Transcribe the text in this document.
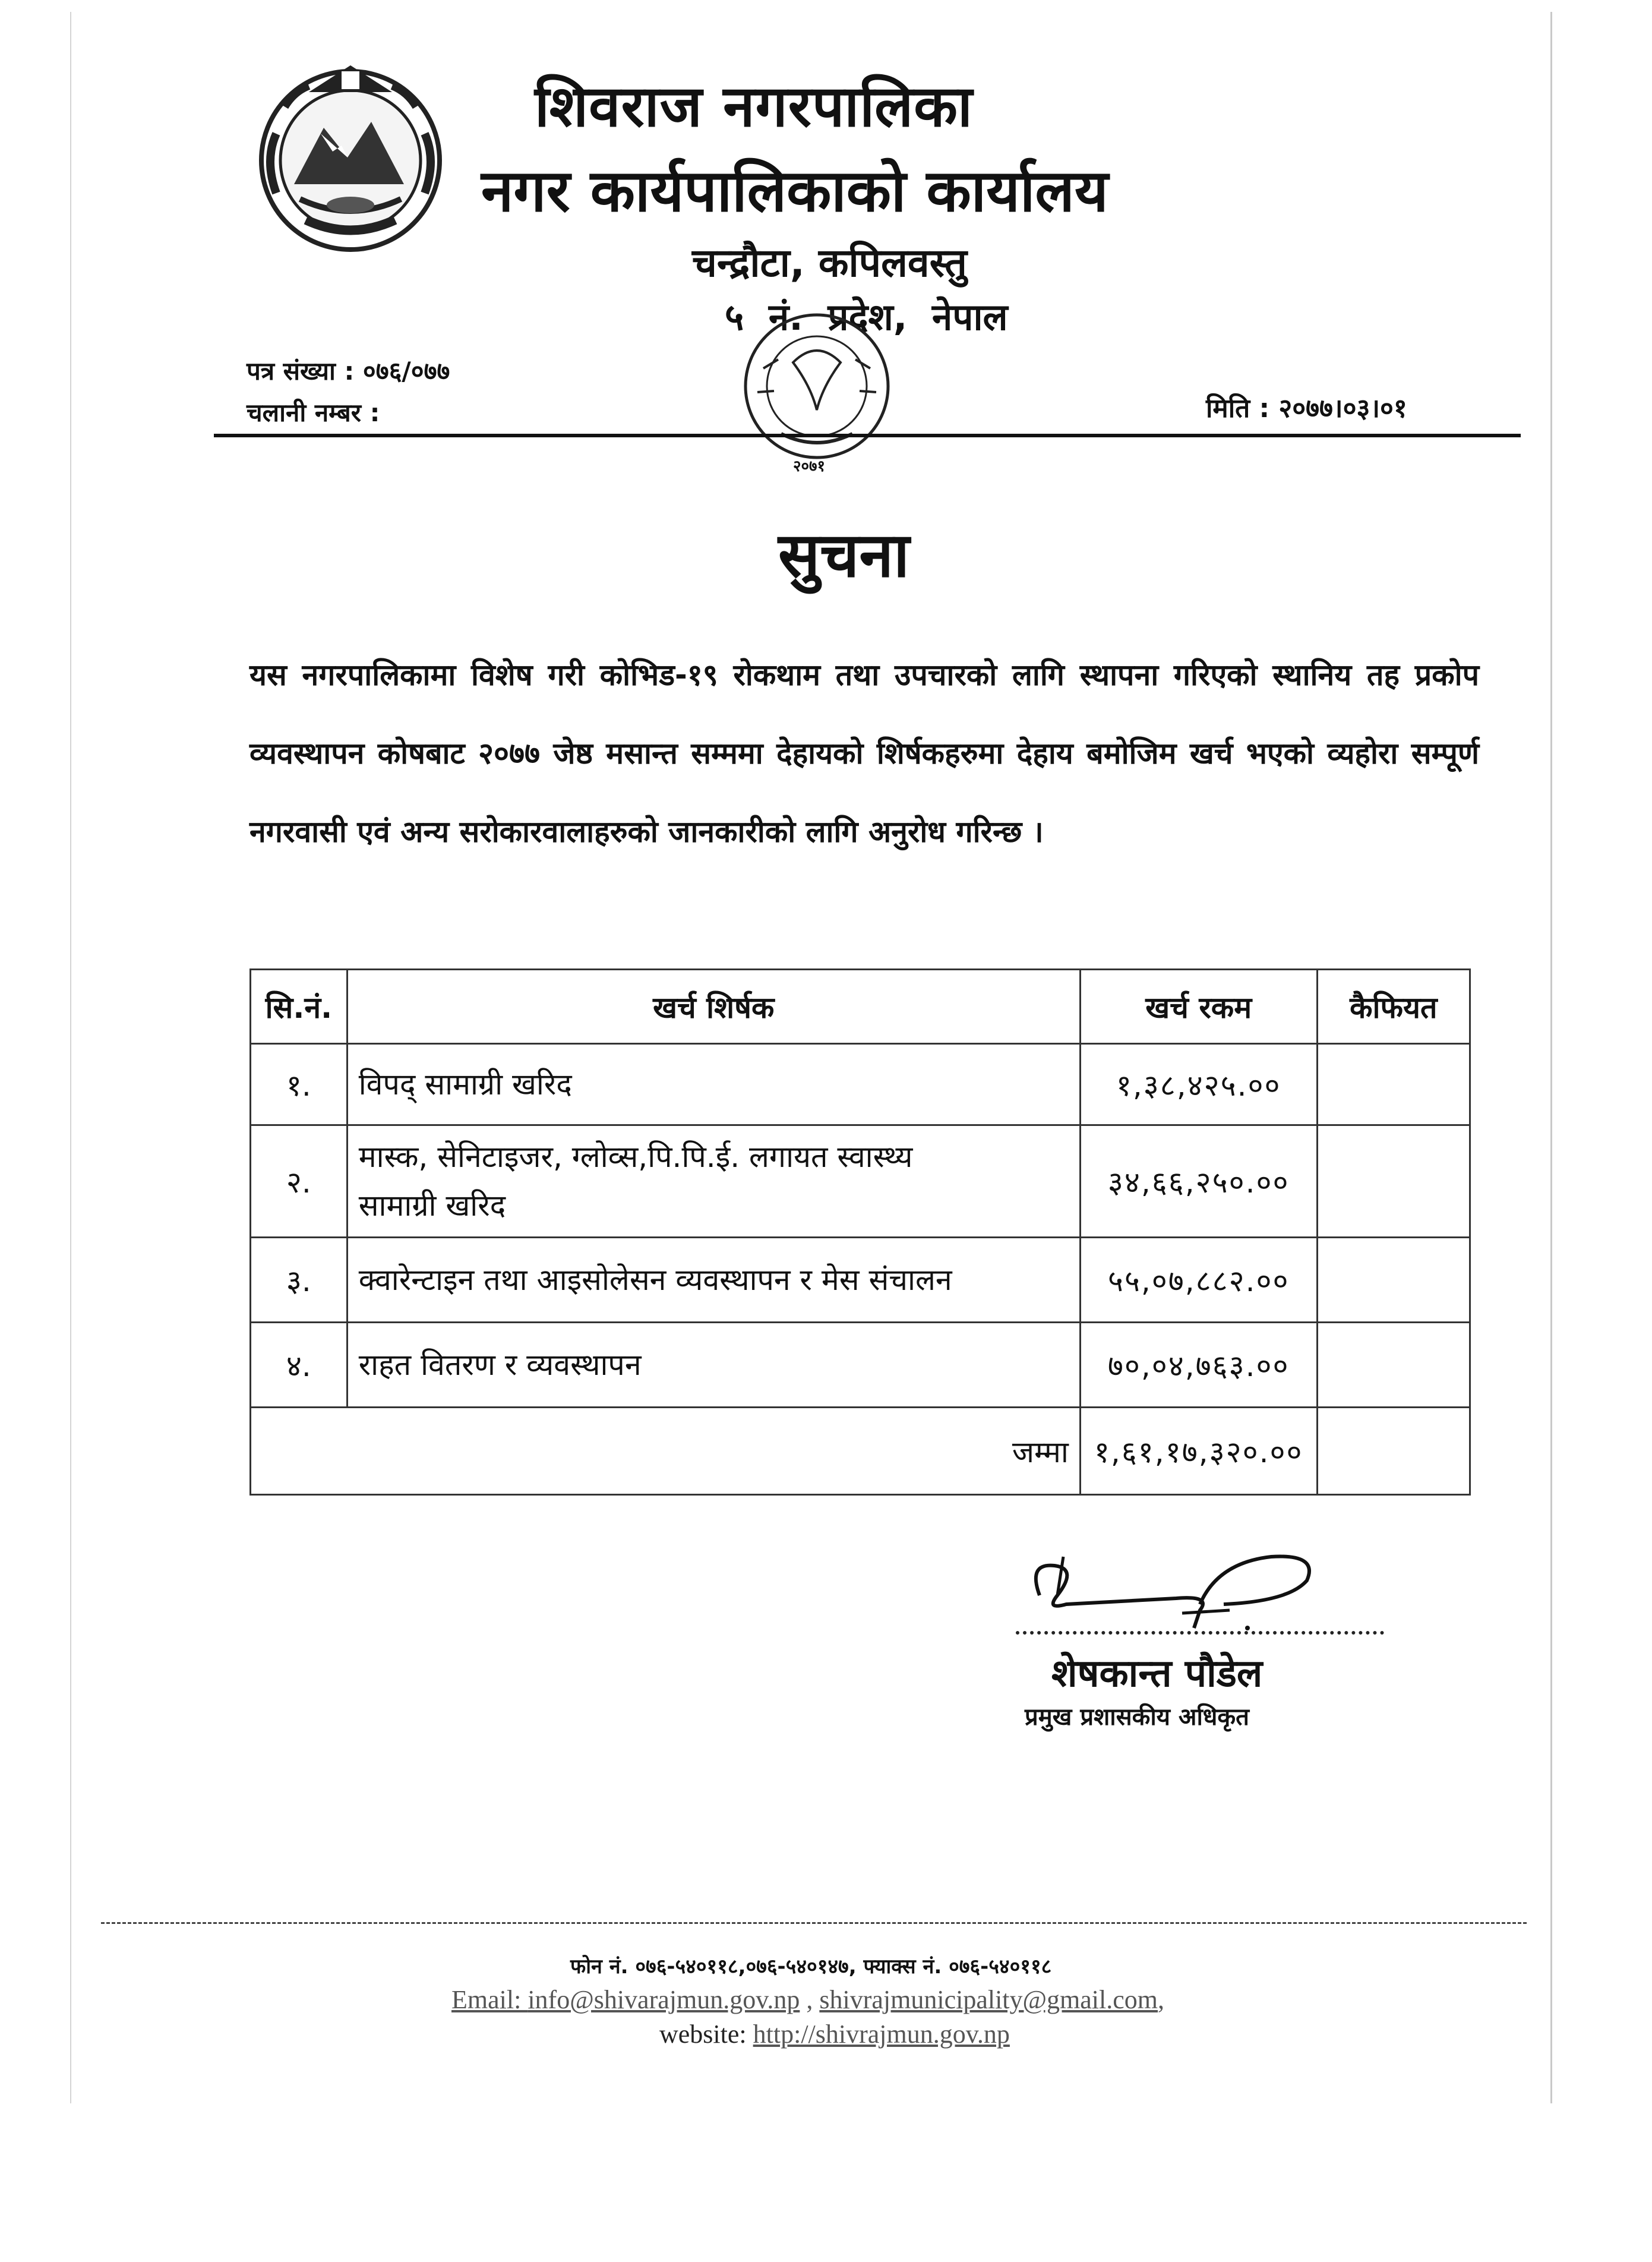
शिवराज नगरपालिका
नगर कार्यपालिकाको कार्यालय
चन्द्रौटा, कपिलवस्तु
५ नं. प्रदेश, नेपाल
२०७१
पत्र संख्या : ०७६/०७७
चलानी नम्बर :	मिति : २०७७।०३।०१
सुचना
यस नगरपालिकामा विशेष गरी कोभिड-१९ रोकथाम तथा उपचारको लागि स्थापना गरिएको स्थानिय तह प्रकोप व्यवस्थापन कोषबाट २०७७ जेष्ठ मसान्त सम्ममा देहायको शिर्षकहरुमा देहाय बमोजिम खर्च भएको व्यहोरा सम्पूर्ण नगरवासी एवं अन्य सरोकारवालाहरुको जानकारीको लागि अनुरोध गरिन्छ ।
सि.नं.	खर्च शिर्षक	खर्च रकम	कैफियत
१.	विपद् सामाग्री खरिद	१,३८,४२५.००	
२.	मास्क, सेनिटाइजर, ग्लोव्स,पि.पि.ई. लगायत स्वास्थ्य
सामाग्री खरिद	३४,६६,२५०.००	
३.	क्वारेन्टाइन तथा आइसोलेसन व्यवस्थापन र मेस संचालन	५५,०७,८८२.००	
४.	राहत वितरण र व्यवस्थापन	७०,०४,७६३.००	
जम्मा		१,६१,१७,३२०.००	
शेषकान्त पौडेल
प्रमुख प्रशासकीय अधिकृत
फोन नं. ०७६-५४०११८,०७६-५४०१४७, फ्याक्स नं. ०७६-५४०११८
Email: info@shivarajmun.gov.np , shivrajmunicipality@gmail.com,
website: http://shivrajmun.gov.np
